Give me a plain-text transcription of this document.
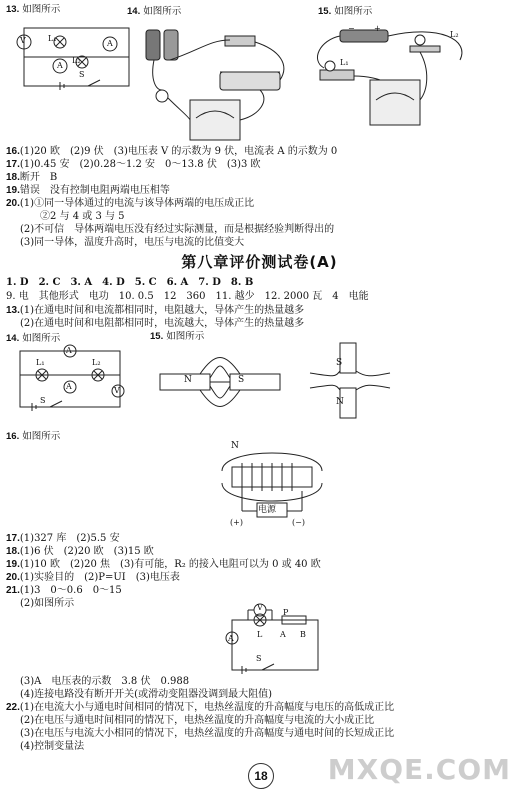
13. 如图所示
V	L₁
L₂
A
A
S
14. 如图所示	15. 如图所示
L₁
L₂
+
−
16.(1)20 欧　(2)9 伏　(3)电压表 V 的示数为 9 伏，电流表 A 的示数为 0
17.(1)0.45 安　(2)0.28～1.2 安　0～13.8 伏　(3)3 欧
18.断开　B
19.错误　没有控制电阻两端电压相等
20.(1)①同一导体通过的电流与该导体两端的电压成正比
②2 与 4 或 3 与 5
(2)不可信　导体两端电压没有经过实际测量，而是根据经验判断得出的
(3)同一导体，温度升高时，电压与电流的比值变大
第八章评价测试卷(A)
1. D　2. C　3. A　4. D　5. C　6. A　7. D　8. B
9. 电　其他形式　电功　10. 0.5　12　360　11. 越少　12. 2000 瓦　4　电能
13.(1)在通电时间和电流都相同时，电阻越大，导体产生的热量越多
(2)在通电时间和电阻都相同时，电流越大，导体产生的热量越多
14. 如图所示	15. 如图所示
A
A
L₁	L₂
V
S
N	S
S
N
16. 如图所示
N
电源
(+)	(−)
17.(1)327 库　(2)5.5 安
18.(1)6 伏　(2)20 欧　(3)15 欧
19.(1)10 欧　(2)20 焦　(3)有可能，R₂ 的接入电阻可以为 0 或 40 欧
20.(1)实验目的　(2)P=UI　(3)电压表
21.(1)3　0～0.6　0～15
(2)如图所示	V
A	L
P
A B
S
(3)A　电压表的示数　3.8 伏　0.988
(4)连接电路没有断开开关(或滑动变阻器没调到最大阻值)
22.(1)在电流大小与通电时间相同的情况下，电热丝温度的升高幅度与电压的高低成正比
(2)在电压与通电时间相同的情况下，电热丝温度的升高幅度与电流的大小成正比
(3)在电压与电流大小相同的情况下，电热丝温度的升高幅度与通电时间的长短成正比
(4)控制变量法
18 MXQE.COM
